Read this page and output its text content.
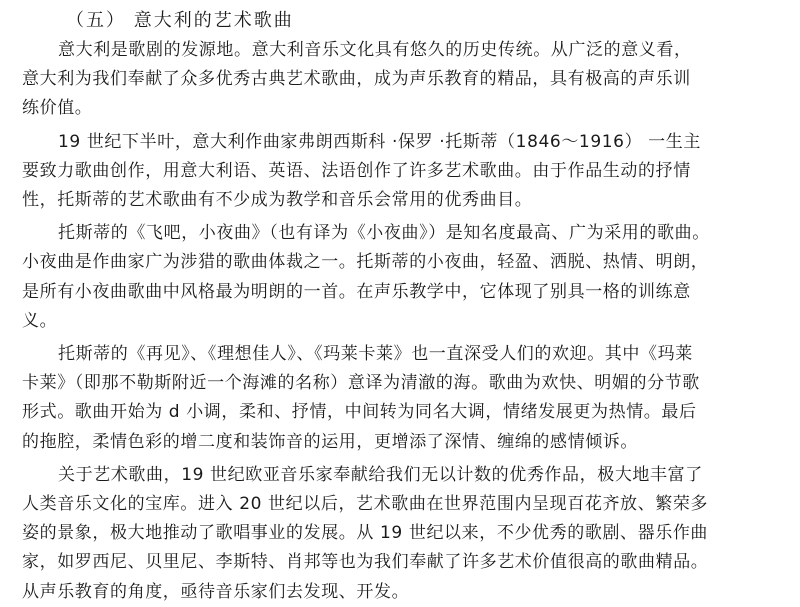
（五） 意大利的艺术歌曲
意大利是歌剧的发源地。意大利音乐文化具有悠久的历史传统。从广泛的意义看，
意大利为我们奉献了众多优秀古典艺术歌曲，成为声乐教育的精品，具有极高的声乐训
练价值。
19 世纪下半叶，意大利作曲家弗朗西斯科 ·保罗 ·托斯蒂（1846～1916） 一生主
要致力歌曲创作，用意大利语、英语、法语创作了许多艺术歌曲。由于作品生动的抒情
性，托斯蒂的艺术歌曲有不少成为教学和音乐会常用的优秀曲目。
托斯蒂的《飞吧，小夜曲》（也有译为《小夜曲》）是知名度最高、广为采用的歌曲。
小夜曲是作曲家广为涉猎的歌曲体裁之一。托斯蒂的小夜曲，轻盈、洒脱、热情、明朗，
是所有小夜曲歌曲中风格最为明朗的一首。在声乐教学中，它体现了别具一格的训练意
义。
托斯蒂的《再见》、《理想佳人》、《玛莱卡莱》也一直深受人们的欢迎。其中《玛莱
卡莱》（即那不勒斯附近一个海滩的名称）意译为清澈的海。歌曲为欢快、明媚的分节歌
形式。歌曲开始为 d 小调，柔和、抒情，中间转为同名大调，情绪发展更为热情。最后
的拖腔，柔情色彩的增二度和装饰音的运用，更增添了深情、缠绵的感情倾诉。
关于艺术歌曲，19 世纪欧亚音乐家奉献给我们无以计数的优秀作品，极大地丰富了
人类音乐文化的宝库。进入 20 世纪以后，艺术歌曲在世界范围内呈现百花齐放、繁荣多
姿的景象，极大地推动了歌唱事业的发展。从 19 世纪以来，不少优秀的歌剧、器乐作曲
家，如罗西尼、贝里尼、李斯特、肖邦等也为我们奉献了许多艺术价值很高的歌曲精品。
从声乐教育的角度，亟待音乐家们去发现、开发。
